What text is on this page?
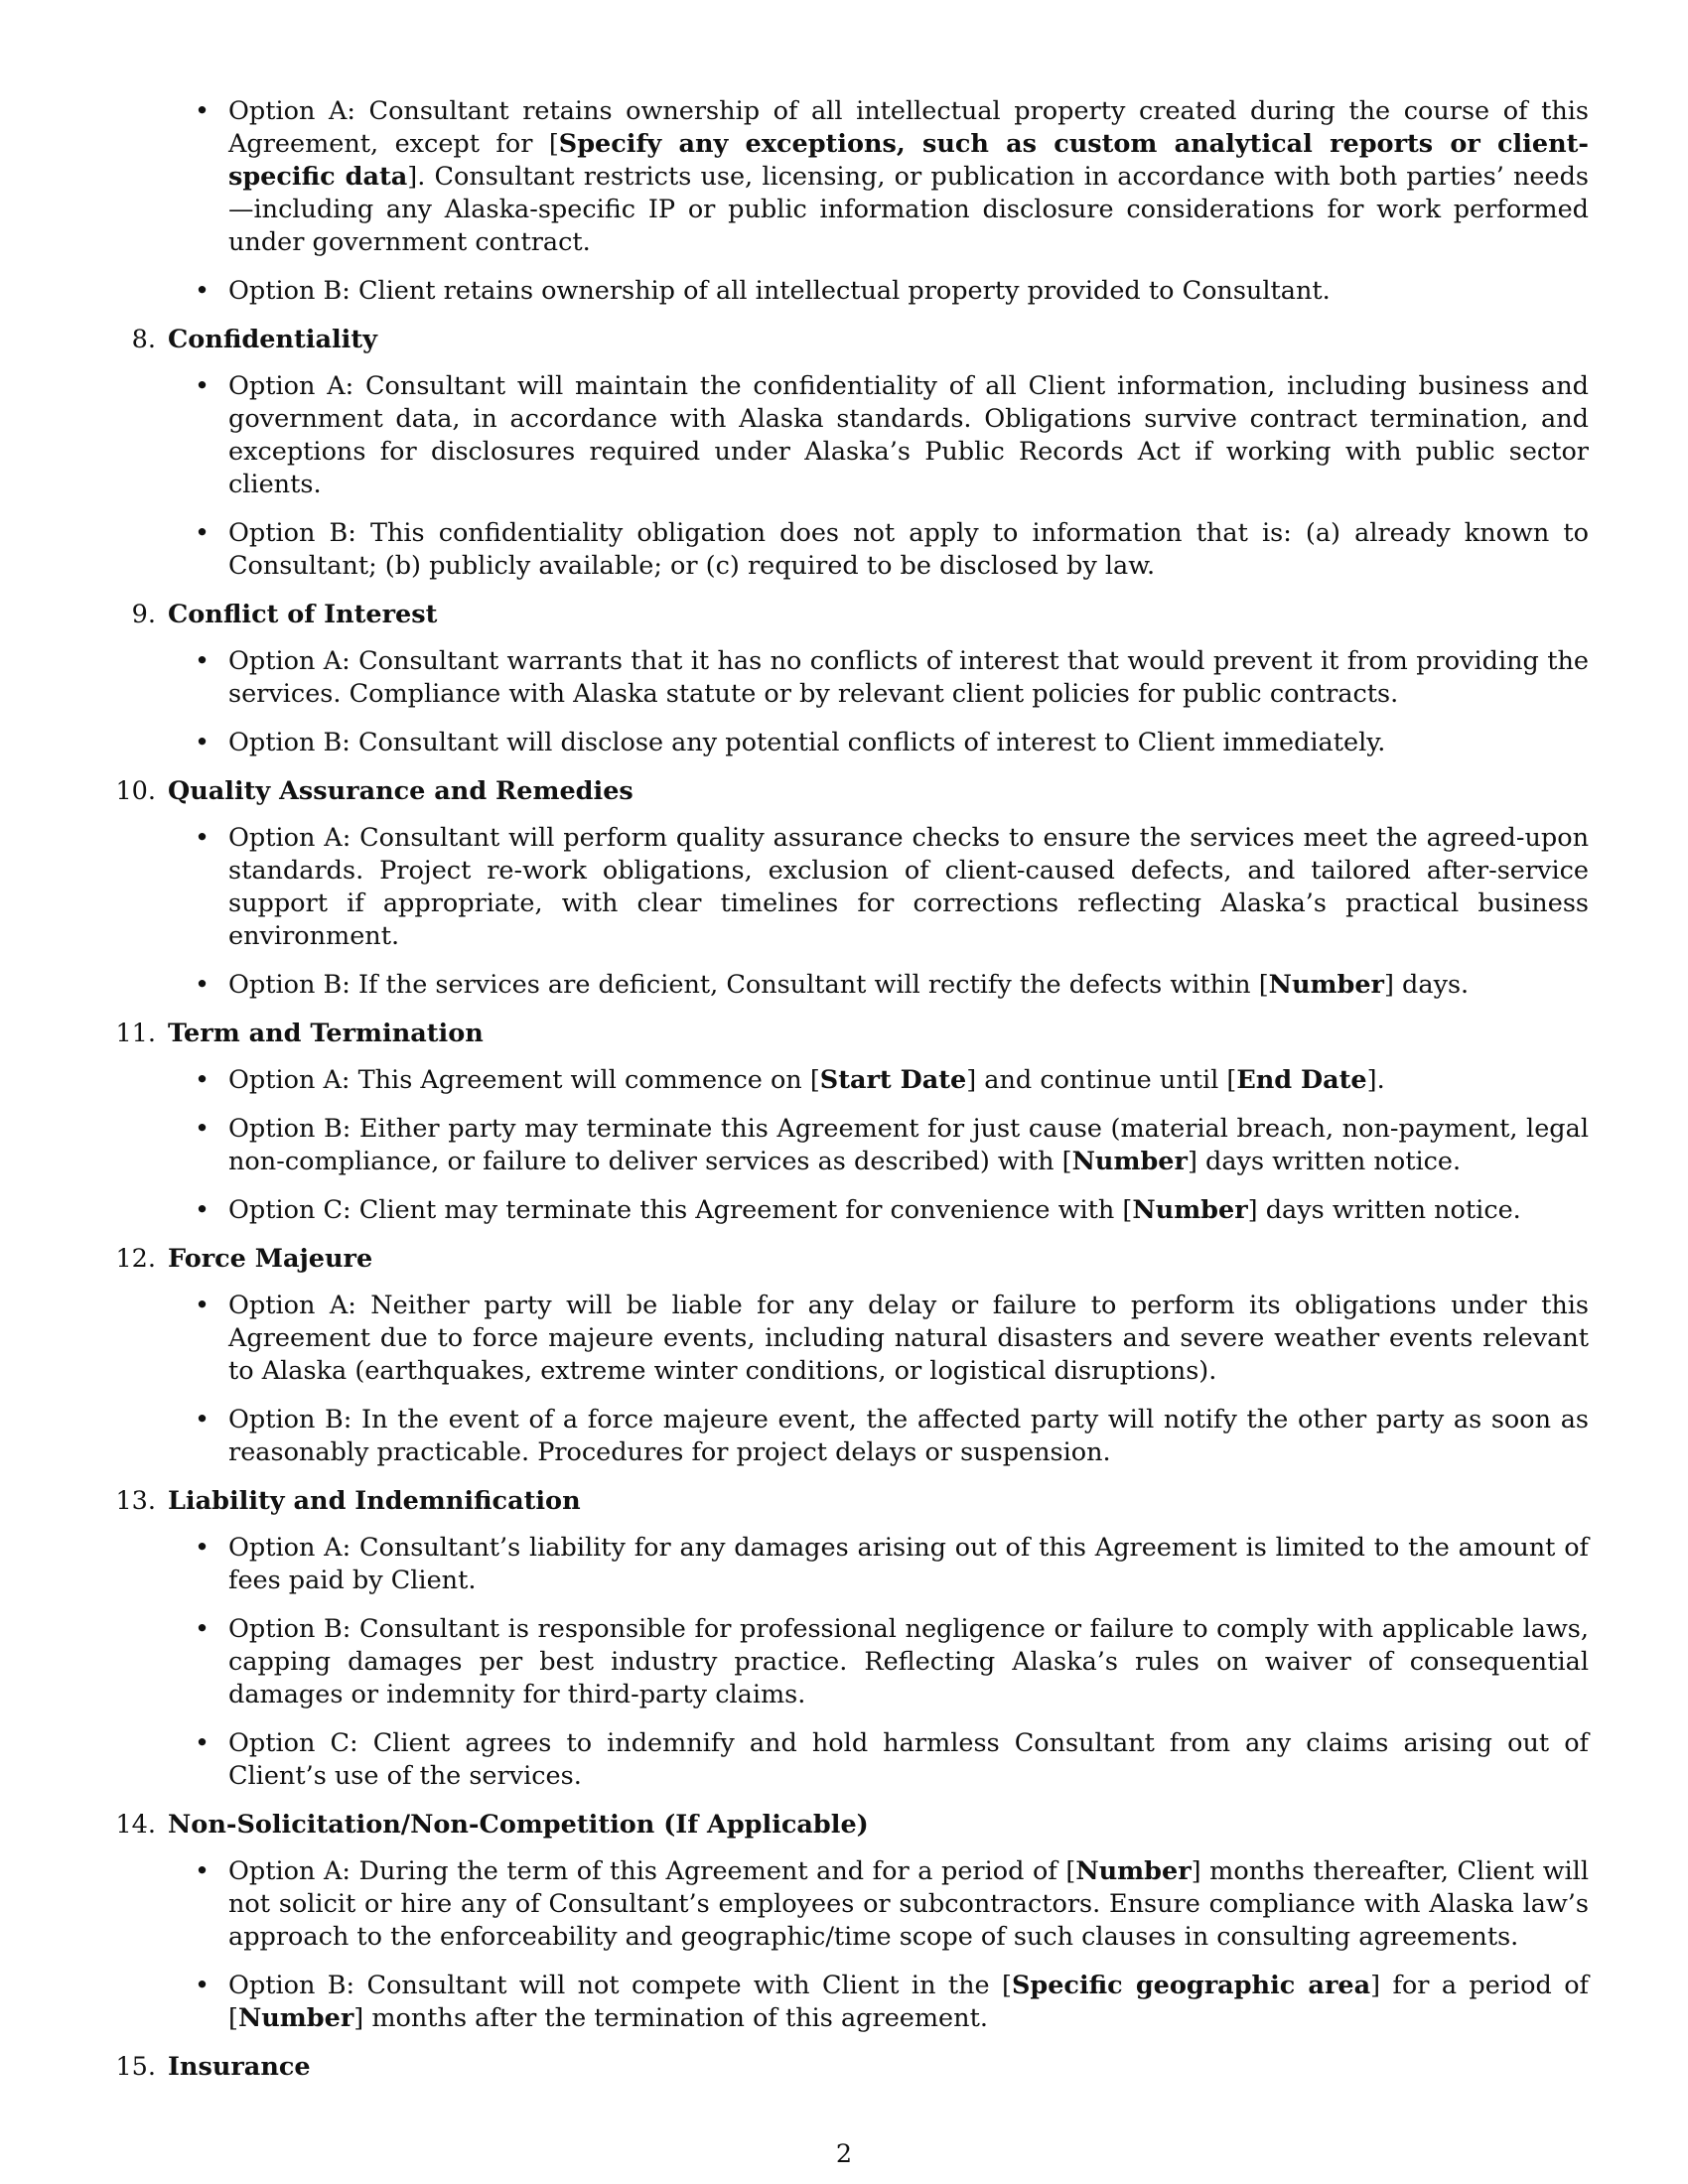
• Option A: Consultant retains ownership of all intellectual property created during the course of this Agreement, except for [Specify any exceptions, such as custom analytical reports or client-specific data]. Consultant restricts use, licensing, or publication in accordance with both parties’ needs—including any Alaska-specific IP or public information disclosure considerations for work performed under government contract.
• Option B: Client retains ownership of all intellectual property provided to Consultant.
8. Confidentiality
• Option A: Consultant will maintain the confidentiality of all Client information, including business and government data, in accordance with Alaska standards. Obligations survive contract termination, and exceptions for disclosures required under Alaska’s Public Records Act if working with public sector clients.
• Option B: This confidentiality obligation does not apply to information that is: (a) already known to Consultant; (b) publicly available; or (c) required to be disclosed by law.
9. Conflict of Interest
• Option A: Consultant warrants that it has no conflicts of interest that would prevent it from providing the services. Compliance with Alaska statute or by relevant client policies for public contracts.
• Option B: Consultant will disclose any potential conflicts of interest to Client immediately.
10. Quality Assurance and Remedies
• Option A: Consultant will perform quality assurance checks to ensure the services meet the agreed-upon standards. Project re-work obligations, exclusion of client-caused defects, and tailored after-service support if appropriate, with clear timelines for corrections reflecting Alaska’s practical business environment.
• Option B: If the services are deficient, Consultant will rectify the defects within [Number] days.
11. Term and Termination
• Option A: This Agreement will commence on [Start Date] and continue until [End Date].
• Option B: Either party may terminate this Agreement for just cause (material breach, non-payment, legal non-compliance, or failure to deliver services as described) with [Number] days written notice.
• Option C: Client may terminate this Agreement for convenience with [Number] days written notice.
12. Force Majeure
• Option A: Neither party will be liable for any delay or failure to perform its obligations under this Agreement due to force majeure events, including natural disasters and severe weather events relevant to Alaska (earthquakes, extreme winter conditions, or logistical disruptions).
• Option B: In the event of a force majeure event, the affected party will notify the other party as soon as reasonably practicable. Procedures for project delays or suspension.
13. Liability and Indemnification
• Option A: Consultant’s liability for any damages arising out of this Agreement is limited to the amount of fees paid by Client.
• Option B: Consultant is responsible for professional negligence or failure to comply with applicable laws, capping damages per best industry practice. Reflecting Alaska’s rules on waiver of consequential damages or indemnity for third-party claims.
• Option C: Client agrees to indemnify and hold harmless Consultant from any claims arising out of Client’s use of the services.
14. Non-Solicitation/Non-Competition (If Applicable)
• Option A: During the term of this Agreement and for a period of [Number] months thereafter, Client will not solicit or hire any of Consultant’s employees or subcontractors. Ensure compliance with Alaska law’s approach to the enforceability and geographic/time scope of such clauses in consulting agreements.
• Option B: Consultant will not compete with Client in the [Specific geographic area] for a period of [Number] months after the termination of this agreement.
15. Insurance
2
